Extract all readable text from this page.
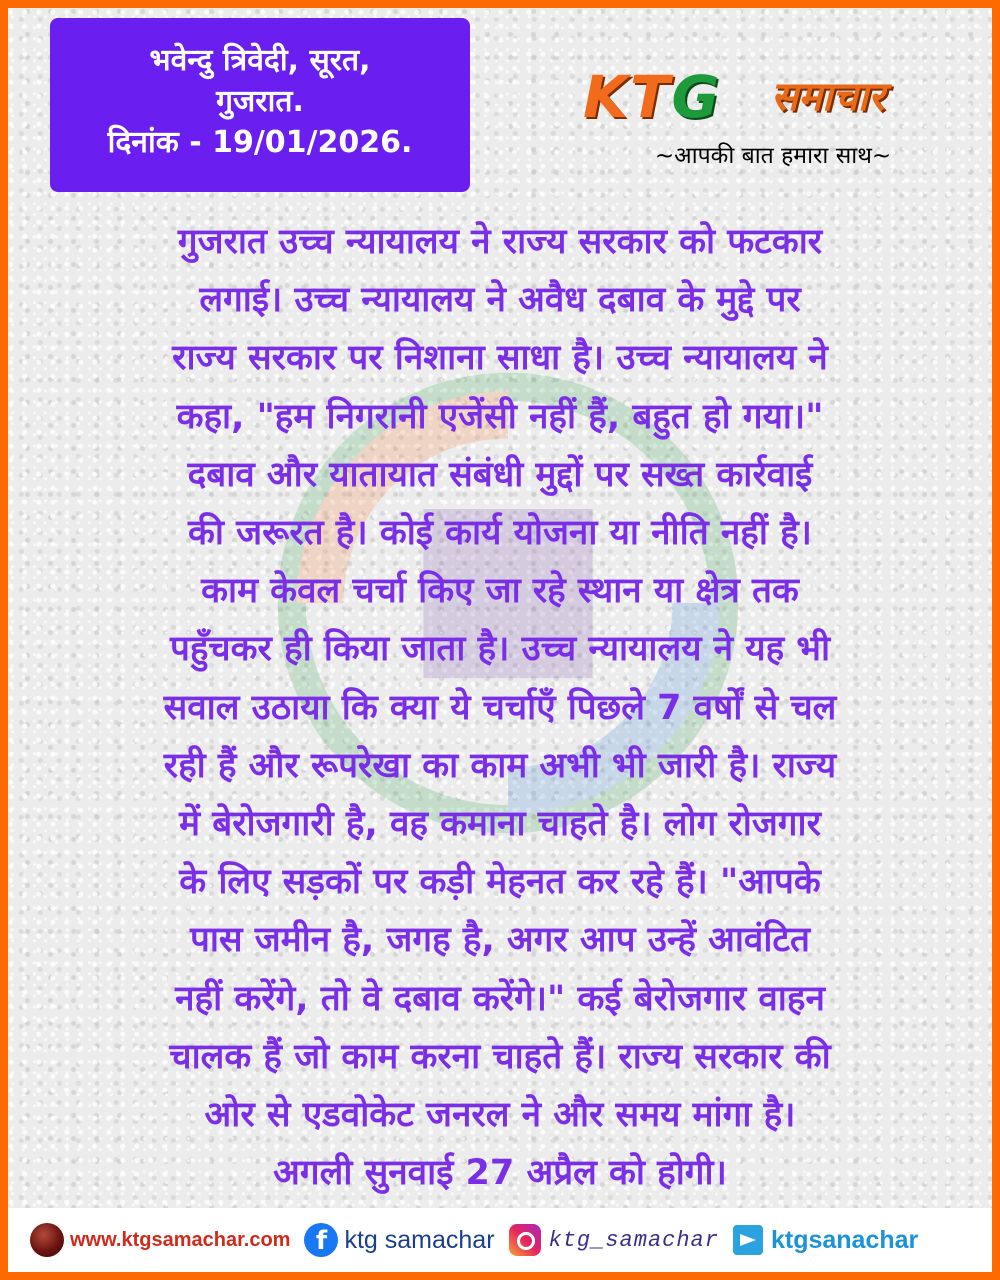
भवेन्दु त्रिवेदी, सूरत,
गुजरात.
दिनांक - 19/01/2026.
KTG समाचार
~आपकी बात हमारा साथ~
गुजरात उच्च न्यायालय ने राज्य सरकार को फटकार
लगाई। उच्च न्यायालय ने अवैध दबाव के मुद्दे पर
राज्य सरकार पर निशाना साधा है। उच्च न्यायालय ने
कहा, "हम निगरानी एजेंसी नहीं हैं, बहुत हो गया।"
दबाव और यातायात संबंधी मुद्दों पर सख्त कार्रवाई
की जरूरत है। कोई कार्य योजना या नीति नहीं है।
काम केवल चर्चा किए जा रहे स्थान या क्षेत्र तक
पहुँचकर ही किया जाता है। उच्च न्यायालय ने यह भी
सवाल उठाया कि क्या ये चर्चाएँ पिछले 7 वर्षों से चल
रही हैं और रूपरेखा का काम अभी भी जारी है। राज्य
में बेरोजगारी है, वह कमाना चाहते है। लोग रोजगार
के लिए सड़कों पर कड़ी मेहनत कर रहे हैं। "आपके
पास जमीन है, जगह है, अगर आप उन्हें आवंटित
नहीं करेंगे, तो वे दबाव करेंगे।" कई बेरोजगार वाहन
चालक हैं जो काम करना चाहते हैं। राज्य सरकार की
ओर से एडवोकेट जनरल ने और समय मांगा है।
अगली सुनवाई 27 अप्रैल को होगी।
www.ktgsamachar.com f ktg samachar ktg_samachar ktgsanachar
